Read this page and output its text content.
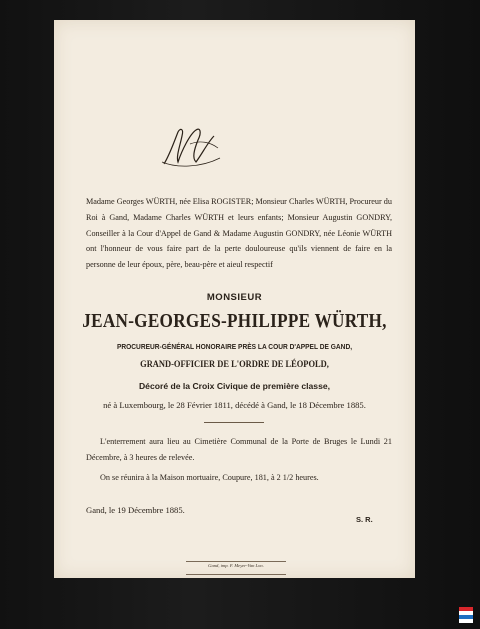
Madame Georges WÜRTH, née Elisa ROGISTER; Monsieur Charles WÜRTH, Procureur du Roi à Gand, Madame Charles WÜRTH et leurs enfants; Monsieur Augustin GONDRY, Conseiller à la Cour d'Appel de Gand & Madame Augustin GONDRY, née Léonie WÜRTH ont l'honneur de vous faire part de la perte douloureuse qu'ils viennent de faire en la personne de leur époux, père, beau-père et aieul respectif
MONSIEUR
JEAN-GEORGES-PHILIPPE WÜRTH,
PROCUREUR-GÉNÉRAL HONORAIRE PRÈS LA COUR D'APPEL DE GAND,
GRAND-OFFICIER DE L'ORDRE DE LÉOPOLD,
Décoré de la Croix Civique de première classe,
né à Luxembourg, le 28 Février 1811, décédé à Gand, le 18 Décembre 1885.
L'enterrement aura lieu au Cimetière Communal de la Porte de Bruges le Lundi 21 Décembre, à 3 heures de relevée.
On se réunira à la Maison mortuaire, Coupure, 181, à 2 1/2 heures.
Gand, le 19 Décembre 1885.
S. R.
Gand, imp. F. Meyer-Van Loo.
